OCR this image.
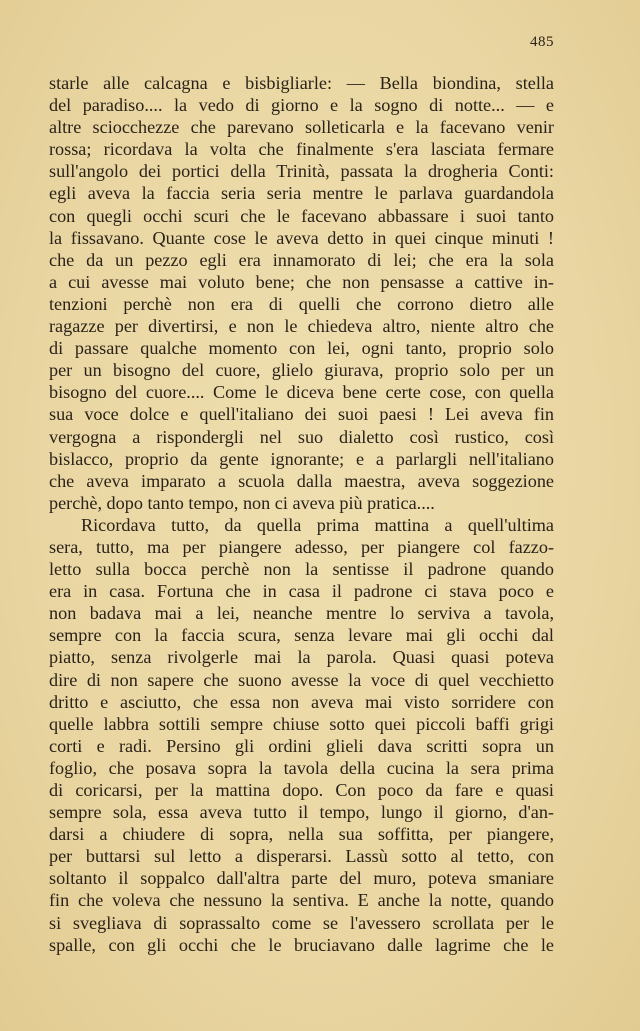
485
starle alle calcagna e bisbigliarle: — Bella biondina, stella
del paradiso.... la vedo di giorno e la sogno di notte... — e
altre sciocchezze che parevano solleticarla e la facevano venir
rossa; ricordava la volta che finalmente s'era lasciata fermare
sull'angolo dei portici della Trinità, passata la drogheria Conti:
egli aveva la faccia seria seria mentre le parlava guardandola
con quegli occhi scuri che le facevano abbassare i suoi tanto
la fissavano. Quante cose le aveva detto in quei cinque minuti !
che da un pezzo egli era innamorato di lei; che era la sola
a cui avesse mai voluto bene; che non pensasse a cattive in-
tenzioni perchè non era di quelli che corrono dietro alle
ragazze per divertirsi, e non le chiedeva altro, niente altro che
di passare qualche momento con lei, ogni tanto, proprio solo
per un bisogno del cuore, glielo giurava, proprio solo per un
bisogno del cuore.... Come le diceva bene certe cose, con quella
sua voce dolce e quell'italiano dei suoi paesi ! Lei aveva fin
vergogna a rispondergli nel suo dialetto così rustico, così
bislacco, proprio da gente ignorante; e a parlargli nell'italiano
che aveva imparato a scuola dalla maestra, aveva soggezione
perchè, dopo tanto tempo, non ci aveva più pratica....
Ricordava tutto, da quella prima mattina a quell'ultima
sera, tutto, ma per piangere adesso, per piangere col fazzo-
letto sulla bocca perchè non la sentisse il padrone quando
era in casa. Fortuna che in casa il padrone ci stava poco e
non badava mai a lei, neanche mentre lo serviva a tavola,
sempre con la faccia scura, senza levare mai gli occhi dal
piatto, senza rivolgerle mai la parola. Quasi quasi poteva
dire di non sapere che suono avesse la voce di quel vecchietto
dritto e asciutto, che essa non aveva mai visto sorridere con
quelle labbra sottili sempre chiuse sotto quei piccoli baffi grigi
corti e radi. Persino gli ordini glieli dava scritti sopra un
foglio, che posava sopra la tavola della cucina la sera prima
di coricarsi, per la mattina dopo. Con poco da fare e quasi
sempre sola, essa aveva tutto il tempo, lungo il giorno, d'an-
darsi a chiudere di sopra, nella sua soffitta, per piangere,
per buttarsi sul letto a disperarsi. Lassù sotto al tetto, con
soltanto il soppalco dall'altra parte del muro, poteva smaniare
fin che voleva che nessuno la sentiva. E anche la notte, quando
si svegliava di soprassalto come se l'avessero scrollata per le
spalle, con gli occhi che le bruciavano dalle lagrime che le
